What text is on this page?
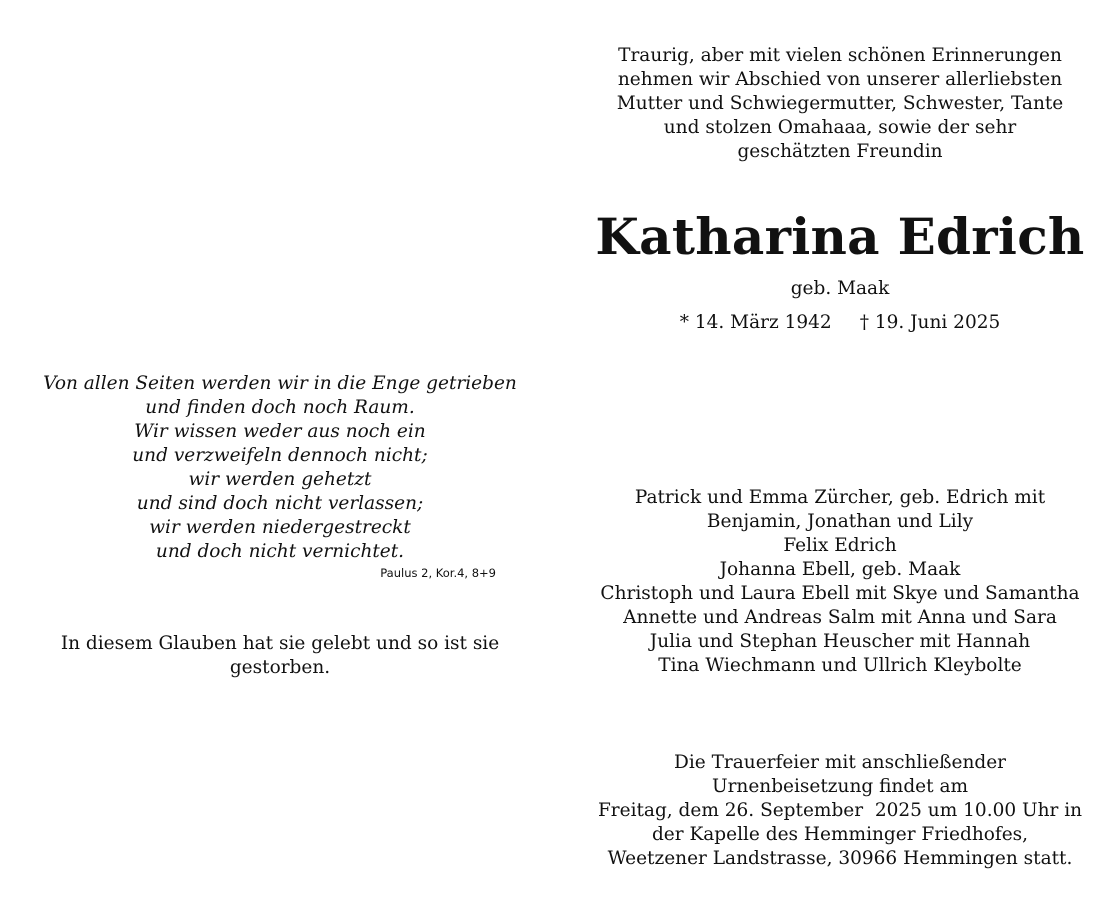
Traurig, aber mit vielen schönen Erinnerungen
nehmen wir Abschied von unserer allerliebsten
Mutter und Schwiegermutter, Schwester, Tante
und stolzen Omahaaa, sowie der sehr
geschätzten Freundin
Katharina Edrich
geb. Maak
* 14. März 1942 † 19. Juni 2025
Von allen Seiten werden wir in die Enge getrieben
und finden doch noch Raum.
Wir wissen weder aus noch ein
und verzweifeln dennoch nicht;
wir werden gehetzt
und sind doch nicht verlassen;
wir werden niedergestreckt
und doch nicht vernichtet.
Paulus 2, Kor.4, 8+9
In diesem Glauben hat sie gelebt und so ist sie gestorben.
Patrick und Emma Zürcher, geb. Edrich mit
Benjamin, Jonathan und Lily
Felix Edrich
Johanna Ebell, geb. Maak
Christoph und Laura Ebell mit Skye und Samantha
Annette und Andreas Salm mit Anna und Sara
Julia und Stephan Heuscher mit Hannah
Tina Wiechmann und Ullrich Kleybolte
Die Trauerfeier mit anschließender
Urnenbeisetzung findet am
Freitag, dem 26. September  2025 um 10.00 Uhr in
der Kapelle des Hemminger Friedhofes,
Weetzener Landstrasse, 30966 Hemmingen statt.
